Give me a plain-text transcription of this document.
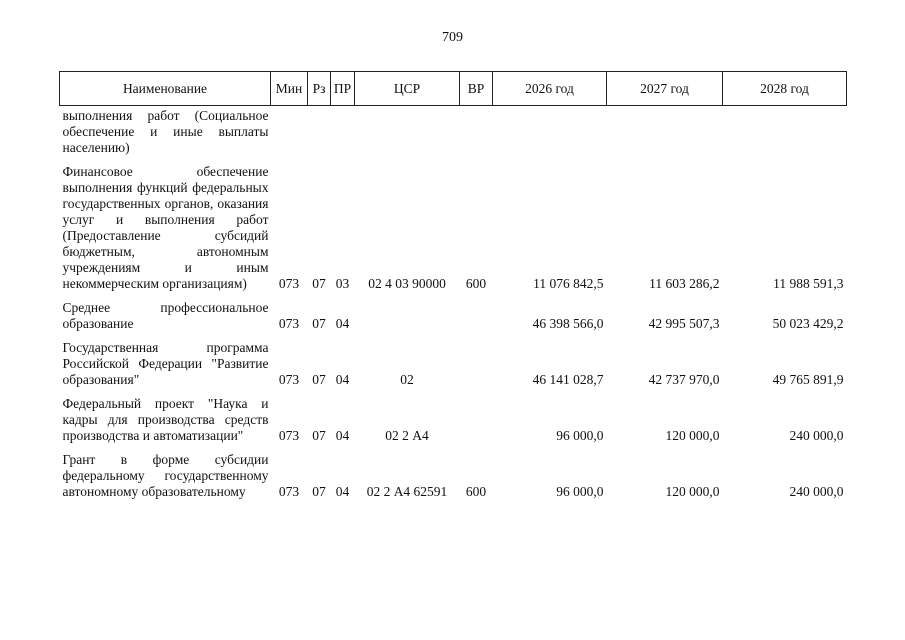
709
Наименование	Мин	Рз	ПР	ЦСР	ВР	2026 год	2027 год	2028 год
выполнения работ (Социальное обеспечение и иные выплаты населению)								
Финансовое обеспечение выполнения функций федеральных государственных органов, оказания услуг и выполнения работ (Предоставление субсидий бюджетным, автономным учреждениям и иным некоммерческим организациям)	073	07	03	02 4 03 90000	600	11 076 842,5	11 603 286,2	11 988 591,3
Среднее профессиональное образование	073	07	04			46 398 566,0	42 995 507,3	50 023 429,2
Государственная программа Российской Федерации "Развитие образования"	073	07	04	02		46 141 028,7	42 737 970,0	49 765 891,9
Федеральный проект "Наука и кадры для производства средств производства и автоматизации"	073	07	04	02 2 А4		96 000,0	120 000,0	240 000,0
Грант в форме субсидии федеральному государственному автономному образовательному	073	07	04	02 2 А4 62591	600	96 000,0	120 000,0	240 000,0
